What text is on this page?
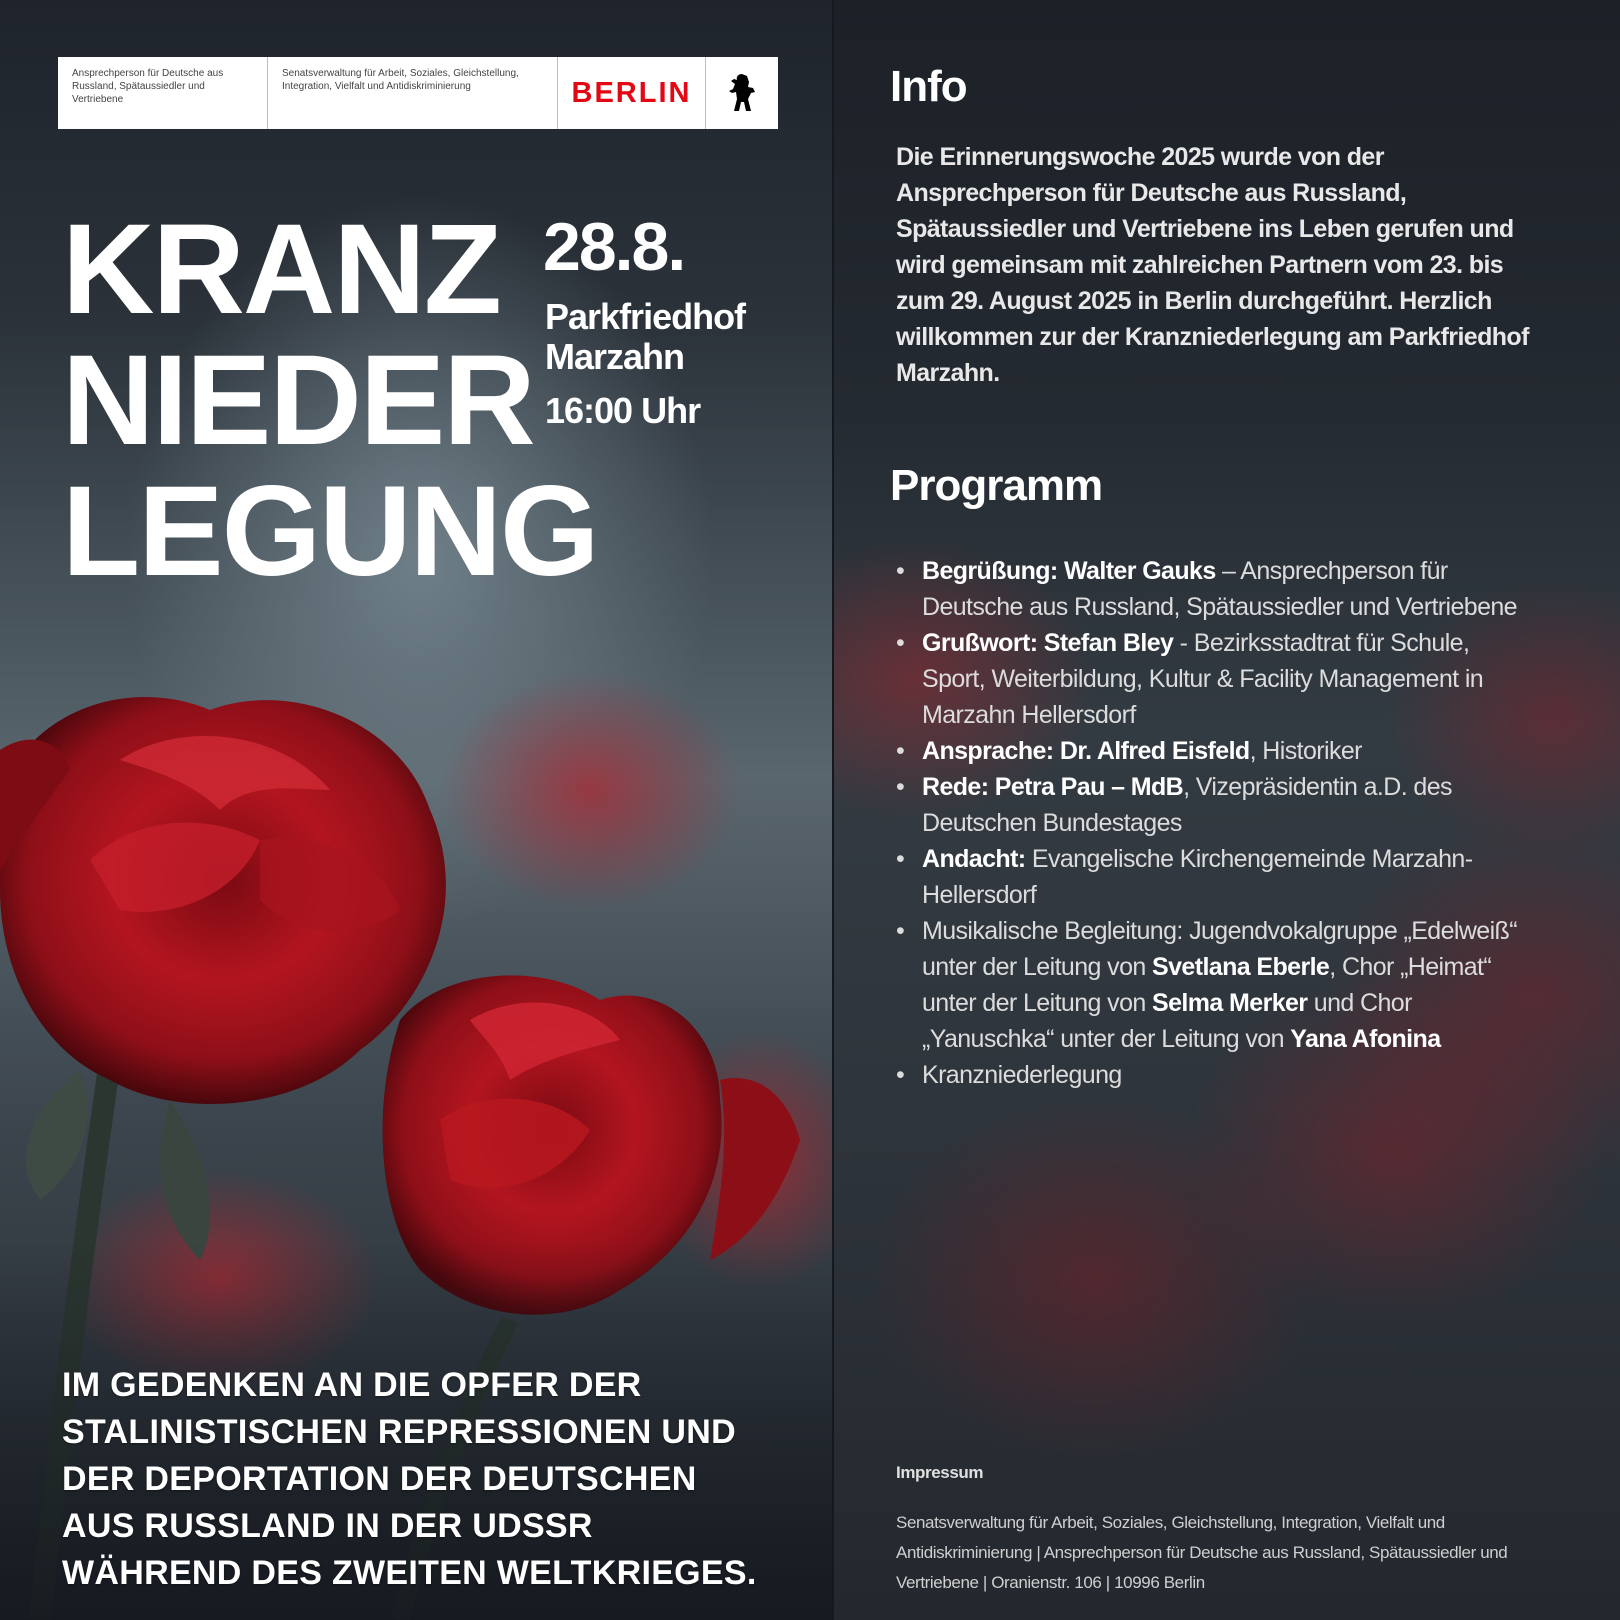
Ansprechperson für Deutsche aus Russland, Spätaussiedler und Vertriebene
Senatsverwaltung für Arbeit, Soziales, Gleichstellung, Integration, Vielfalt und Antidiskriminierung	BERLIN
KRANZ
NIEDER
LEGUNG
28.8.
Parkfriedhof
Marzahn
16:00 Uhr
IM GEDENKEN AN DIE OPFER DER
STALINISTISCHEN REPRESSIONEN UND
DER DEPORTATION DER DEUTSCHEN
AUS RUSSLAND IN DER UDSSR
WÄHREND DES ZWEITEN WELTKRIEGES.
Info
Die Erinnerungswoche 2025 wurde von der Ansprechperson für Deutsche aus Russland, Spätaussiedler und Vertriebene ins Leben gerufen und wird gemeinsam mit zahlreichen Partnern vom 23. bis zum 29. August 2025 in Berlin durchgeführt. Herzlich willkommen zur der Kranzniederlegung am Parkfriedhof Marzahn.
Programm
• Begrüßung: Walter Gauks – Ansprechperson für Deutsche aus Russland, Spätaussiedler und Vertriebene
• Grußwort: Stefan Bley - Bezirksstadtrat für Schule, Sport, Weiterbildung, Kultur & Facility Management in Marzahn Hellersdorf
• Ansprache: Dr. Alfred Eisfeld, Historiker
• Rede: Petra Pau – MdB, Vizepräsidentin a.D. des Deutschen Bundestages
• Andacht: Evangelische Kirchengemeinde Marzahn-Hellersdorf
• Musikalische Begleitung: Jugendvokalgruppe „Edelweiß“ unter der Leitung von Svetlana Eberle, Chor „Heimat“ unter der Leitung von Selma Merker und Chor „Yanuschka“ unter der Leitung von Yana Afonina
• Kranzniederlegung
Impressum
Senatsverwaltung für Arbeit, Soziales, Gleichstellung, Integration, Vielfalt und Antidiskriminierung | Ansprechperson für Deutsche aus Russland, Spätaussiedler und Vertriebene | Oranienstr. 106 | 10996 Berlin
